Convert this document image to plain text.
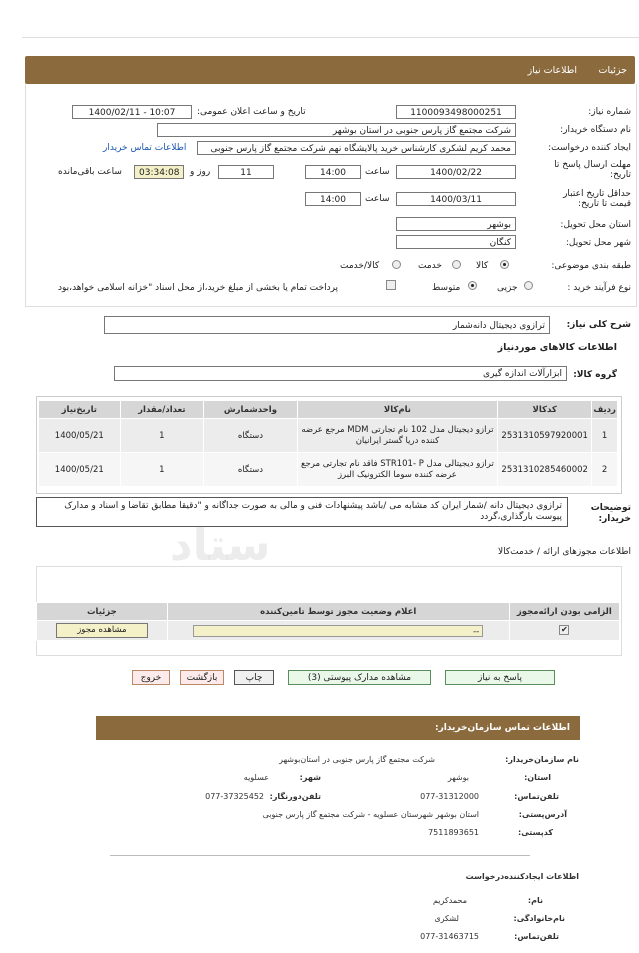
جزئیات
اطلاعات نیاز
شماره نیاز:
1100093498000251
تاریخ و ساعت اعلان عمومی:
1400/02/11 - 10:07
نام دستگاه خریدار:
شرکت مجتمع گاز پارس جنوبی در استان بوشهر
ایجاد کننده درخواست:
محمد کریم لشکری کارشناس خرید پالایشگاه نهم شرکت مجتمع گاز پارس جنوبی
اطلاعات تماس خریدار
مهلت ارسال پاسخ تا تاریخ:
1400/02/22
ساعت
14:00
11
روز و
03:34:08
ساعت باقی‌مانده
حداقل تاریخ اعتبار قیمت تا تاریخ:
1400/03/11
ساعت
14:00
استان محل تحویل:
بوشهر
شهر محل تحویل:
کنگان
طبقه بندی موضوعی:
کالا
خدمت
کالا/خدمت
نوع فرآیند خرید :
جزیی
متوسط
پرداخت تمام یا بخشی از مبلغ خرید،از محل اسناد "خزانه اسلامی خواهد،بود
شرح کلی نیاز:
ترازوی دیجیتال دانه‌شمار
اطلاعات کالاهای موردنیاز
گروه کالا:
ابزارآلات اندازه گیری
ردیف	کدکالا	نام‌کالا	واحدشمارش	تعداد/مقدار	تاریخ‌نیاز
1	2531310597920001	ترازو دیجیتال مدل 102 نام تجارتی MDM مرجع عرضه کننده دریا گستر ایرانیان	دستگاه	1	1400/05/21
2	2531310285460002	ترازو دیجیتالی مدل STR101- P فاقد نام تجارتی مرجع عرضه کننده سوما الکترونیک البرز	دستگاه	1	1400/05/21
توضیحات خریدار:
ترازوی دیجیتال دانه /شمار ایران کد مشابه می /باشد پیشنهادات فنی و مالی به صورت جداگانه و "دقیقا مطابق تقاضا و اسناد و مدارک پیوست بارگذاری،گردد
ستاد	اطلاعات مجوزهای ارائه / خدمت‌کالا
الزامی بودن ارائه‌مجوز	اعلام وضعیت مجوز توسط تامین‌کننده	جزئیات
✔	--	مشاهده مجوز
پاسخ به نیاز
مشاهده مدارک پیوستی (3)
چاپ
بازگشت
خروج
اطلاعات تماس سازمان‌خریدار:
نام سازمان‌خریدار:
شرکت مجتمع گاز پارس جنوبی در استان‌بوشهر
استان:
بوشهر
شهر:
عسلویه
تلفن‌تماس:
077-31312000
تلفن‌دورنگار:
077-37325452
آدرس‌پستی:
استان بوشهر شهرستان عسلویه - شرکت مجتمع گاز پارس جنوبی
کدپستی:
7511893651
اطلاعات ایجادکننده‌درخواست
نام:
محمدکریم
نام‌خانوادگی:
لشکری
تلفن‌تماس:
077-31463715
